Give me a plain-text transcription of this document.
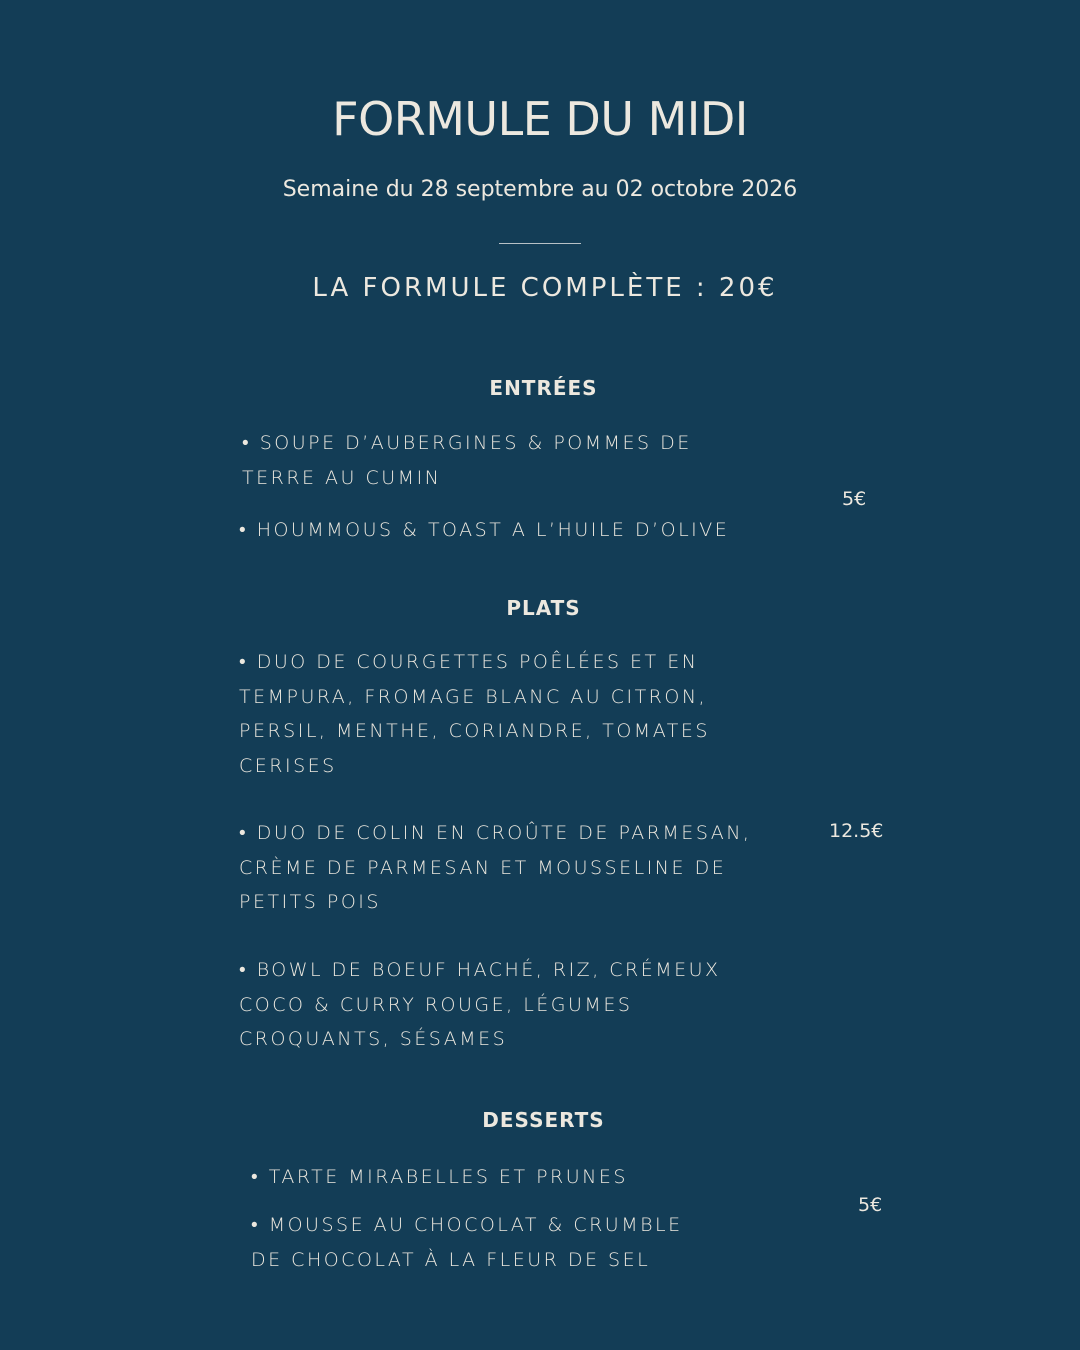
FORMULE DU MIDI
Semaine du 28 septembre au 02 octobre 2026
LA FORMULE COMPLÈTE : 20€
ENTRÉES
• SOUPE D’AUBERGINES & POMMES DE
TERRE AU CUMIN
• HOUMMOUS & TOAST A L’HUILE D’OLIVE
5€
PLATS
• DUO DE COURGETTES POÊLÉES ET EN
TEMPURA, FROMAGE BLANC AU CITRON,
PERSIL, MENTHE, CORIANDRE, TOMATES
CERISES
• DUO DE COLIN EN CROÛTE DE PARMESAN,
CRÈME DE PARMESAN ET MOUSSELINE DE
PETITS POIS
• BOWL DE BOEUF HACHÉ, RIZ, CRÉMEUX
COCO & CURRY ROUGE, LÉGUMES
CROQUANTS, SÉSAMES
12.5€
DESSERTS
• TARTE MIRABELLES ET PRUNES
• MOUSSE AU CHOCOLAT & CRUMBLE
DE CHOCOLAT À LA FLEUR DE SEL
5€
